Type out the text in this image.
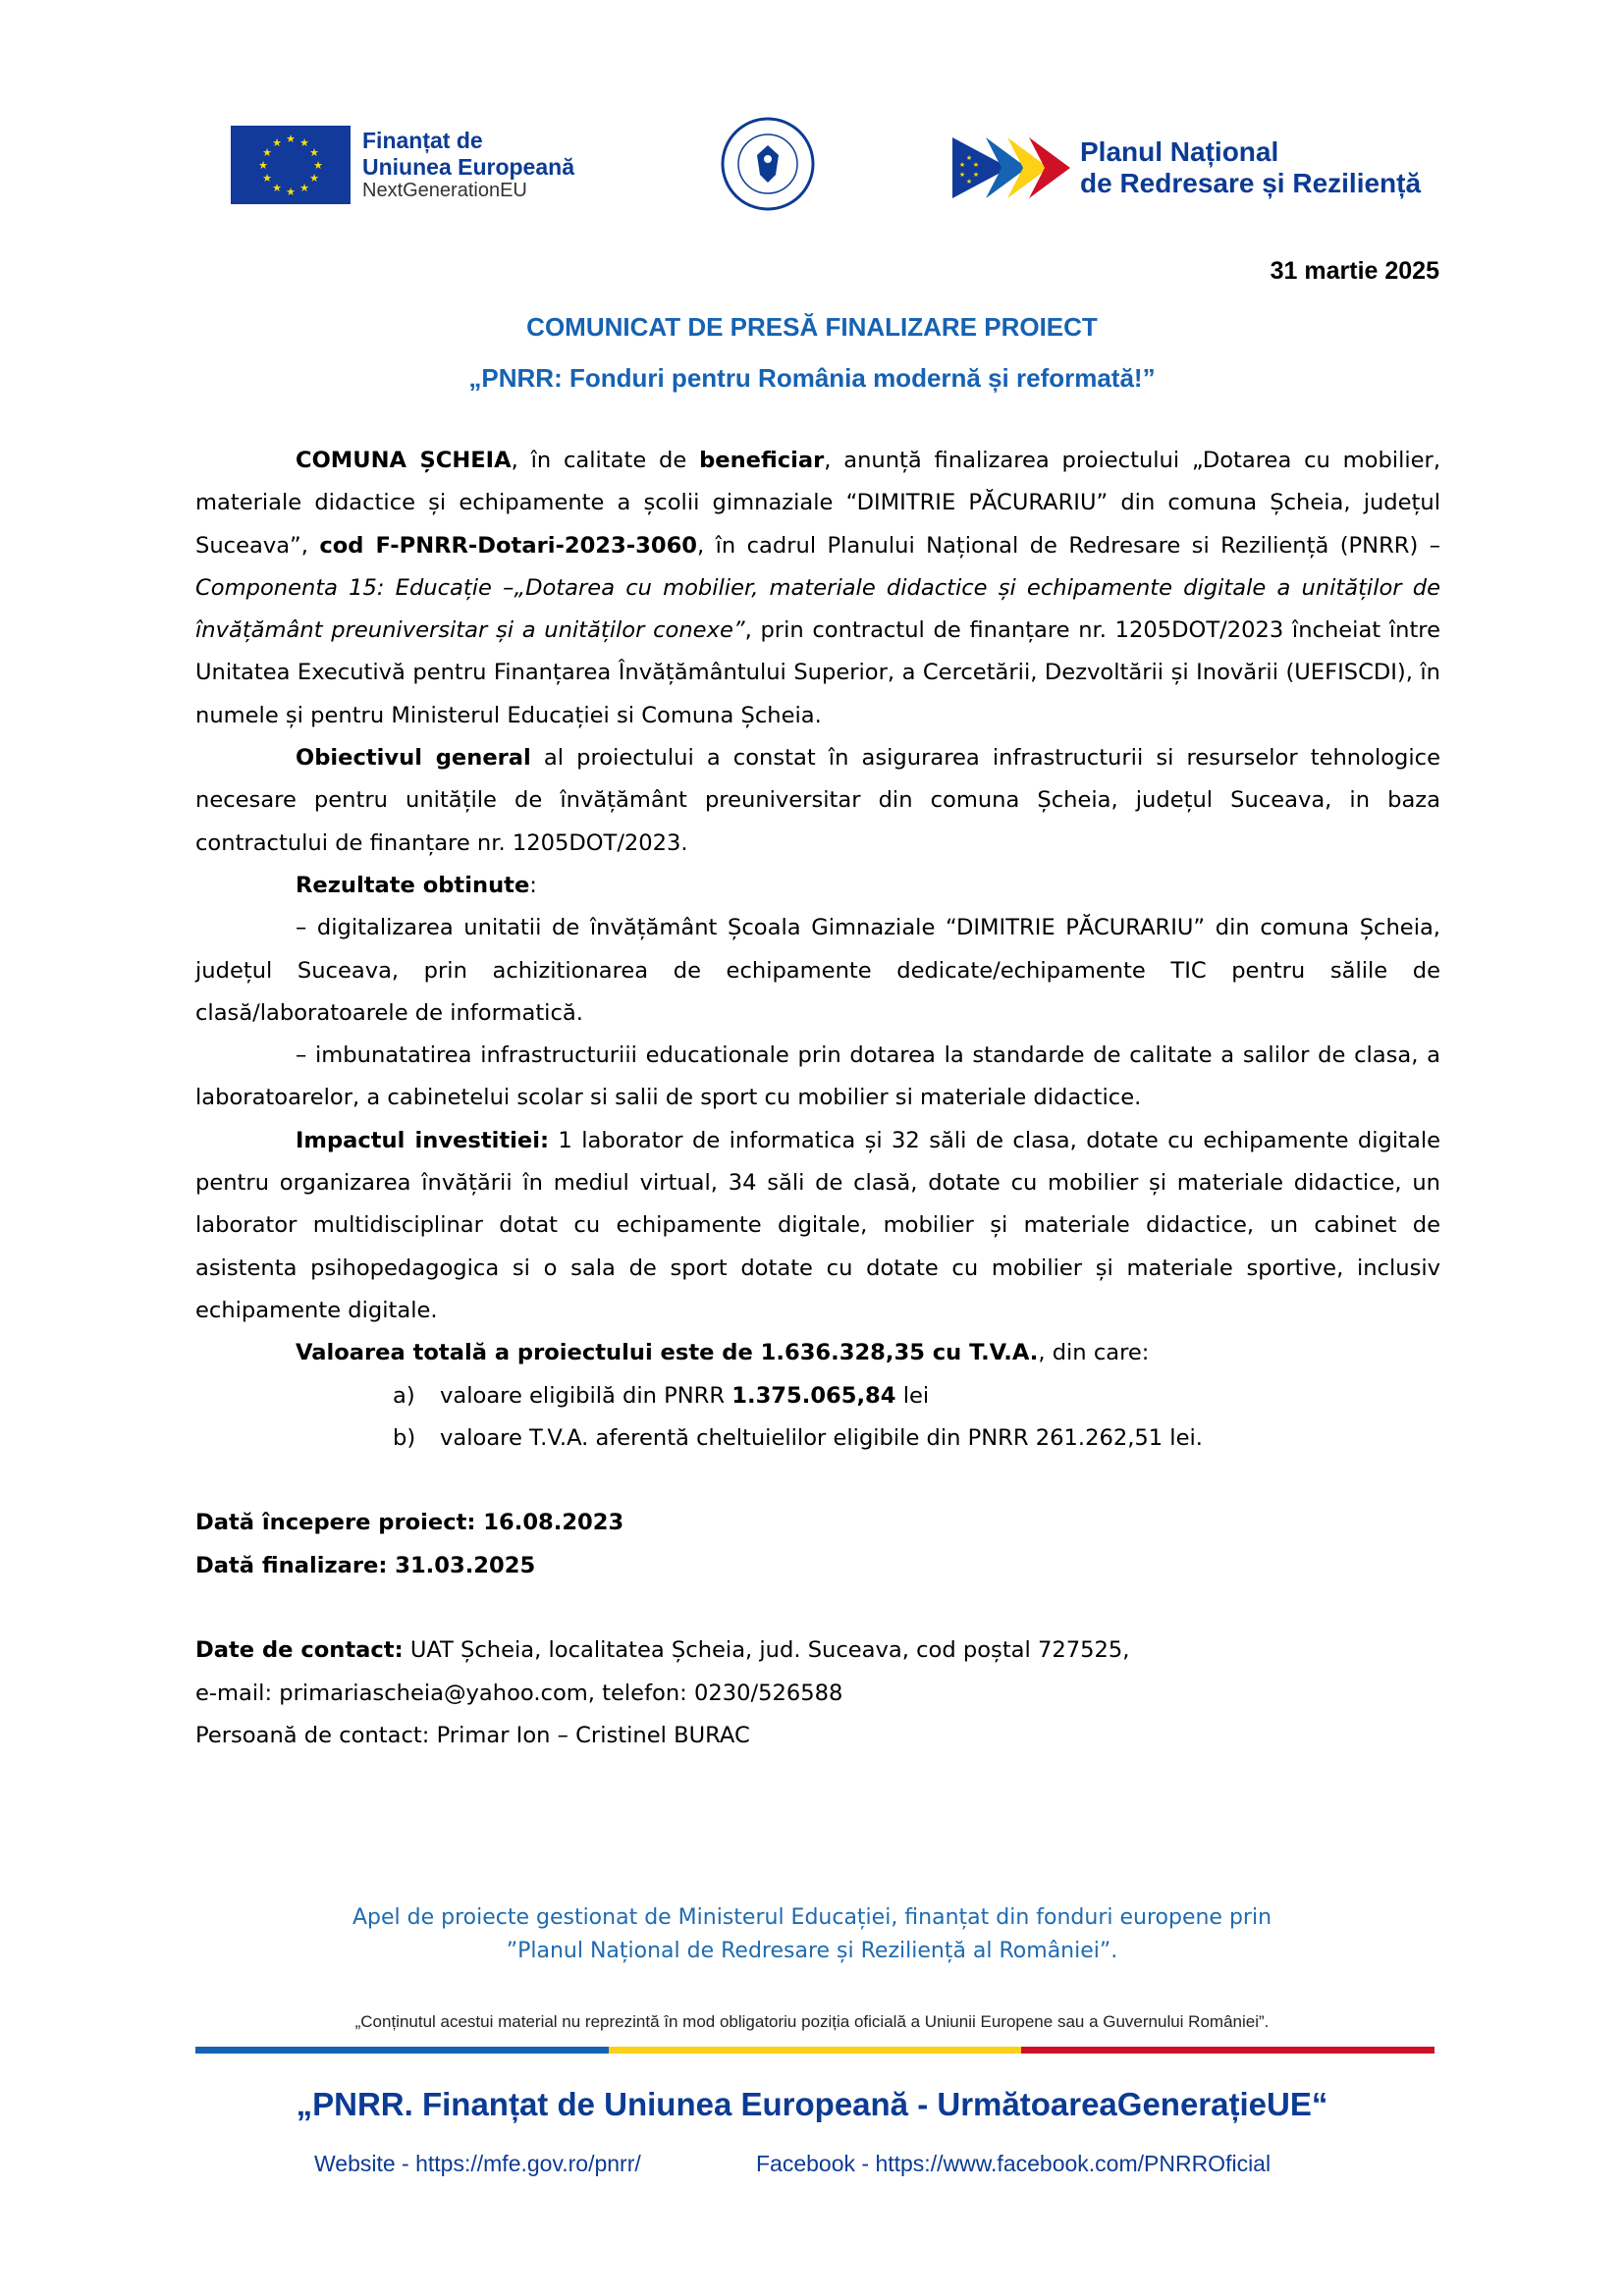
★ ★
★
★
★
★
★
★
★
★
★
★	Finanțat de
Uniunea Europeană
NextGenerationEU
★
★
★
★
★
★	Planul Național
de Redresare și Reziliență
31 martie 2025
COMUNICAT DE PRESĂ FINALIZARE PROIECT
„PNRR: Fonduri pentru România modernă și reformată!”

COMUNA ȘCHEIA, în calitate de beneficiar, anunță finalizarea proiectului „Dotarea cu mobilier, materiale didactice și echipamente a școlii gimnaziale “DIMITRIE PĂCURARIU” din comuna Șcheia, județul Suceava”, cod F-PNRR-Dotari-2023-3060, în cadrul Planului Național de Redresare si Reziliență (PNRR) – Componenta 15: Educație –„Dotarea cu mobilier, materiale didactice și echipamente digitale a unităților de învățământ preuniversitar și a unităților conexe”, prin contractul de finanțare nr. 1205DOT/2023 încheiat între Unitatea Executivă pentru Finanțarea Învățământului Superior, a Cercetării, Dezvoltării și Inovării (UEFISCDI), în numele și pentru Ministerul Educației si Comuna Șcheia.

Obiectivul general al proiectului a constat în asigurarea infrastructurii si resurselor tehnologice necesare pentru unitățile de învățământ preuniversitar din comuna Șcheia, județul Suceava, in baza contractului de finanțare nr. 1205DOT/2023.

Rezultate obtinute:

– digitalizarea unitatii de învățământ Școala Gimnaziale “DIMITRIE PĂCURARIU” din comuna Șcheia, județul Suceava, prin achizitionarea de echipamente dedicate/echipamente TIC pentru sălile de clasă/laboratoarele de informatică.

– imbunatatirea infrastructuriii educationale prin dotarea la standarde de calitate a salilor de clasa, a laboratoarelor, a cabinetelui scolar si salii de sport cu mobilier si materiale didactice.

Impactul investitiei: 1 laborator de informatica și 32 săli de clasa, dotate cu echipamente digitale pentru organizarea învățării în mediul virtual, 34 săli de clasă, dotate cu mobilier și materiale didactice, un laborator multidisciplinar dotat cu echipamente digitale, mobilier și materiale didactice, un cabinet de asistenta psihopedagogica si o sala de sport dotate cu dotate cu mobilier și materiale sportive, inclusiv echipamente digitale.

Valoarea totală a proiectului este de 1.636.328,35 cu T.V.A., din care:

a) valoare eligibilă din PNRR 1.375.065,84 lei

b) valoare T.V.A. aferentă cheltuielilor eligibile din PNRR 261.262,51 lei.

Dată începere proiect: 16.08.2023

Dată finalizare: 31.03.2025

Date de contact: UAT Șcheia, localitatea Șcheia, jud. Suceava, cod poștal 727525,

e-mail: primariascheia@yahoo.com, telefon: 0230/526588

Persoană de contact: Primar Ion – Cristinel BURAC

Apel de proiecte gestionat de Ministerul Educației, finanțat din fonduri europene prin
”Planul Național de Redresare și Reziliență al României”.
„Conținutul acestui material nu reprezintă în mod obligatoriu poziția oficială a Uniunii Europene sau a Guvernului României”.
„PNRR. Finanțat de Uniunea Europeană - UrmătoareaGenerațieUE“
Website - https://mfe.gov.ro/pnrr/	Facebook - https://www.facebook.com/PNRROficial
